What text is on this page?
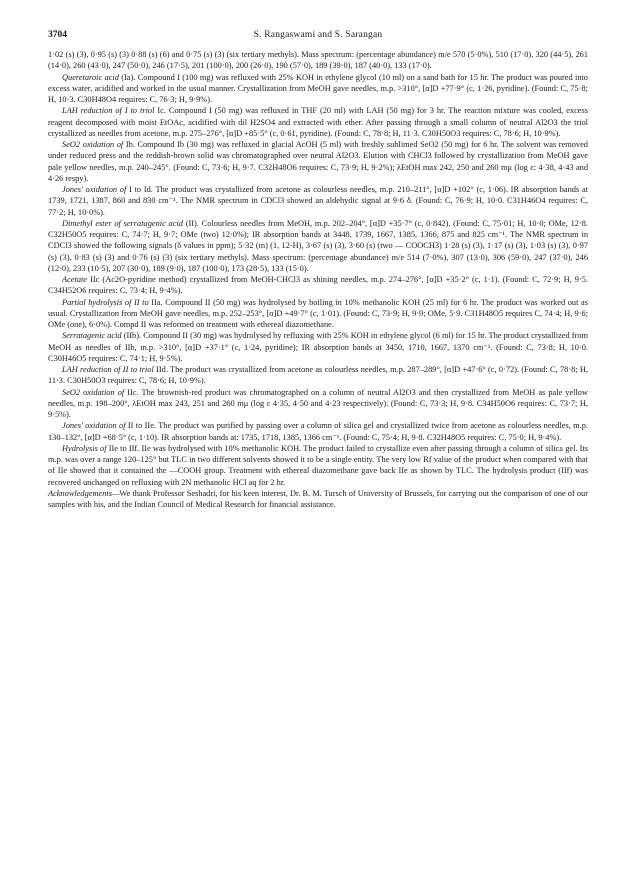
3704	S. Rangaswami and S. Sarangan

1·02 (s) (3), 0·95 (s) (3) 0·88 (s) (6) and 0·75 (s) (3) (six tertiary methyls). Mass spectrum: (percentage abundance) m/e 570 (5·0%), 510 (17·0), 320 (44·5), 261 (14·0), 260 (43·0), 247 (50·0), 246 (17·5), 201 (100·0), 200 (26·0), 190 (57·0), 189 (39·0), 187 (40·0), 133 (17·0).

Queretaroic acid (Ia). Compound I (100 mg) was refluxed with 25% KOH in ethylene glycol (10 ml) on a sand bath for 15 hr. The product was poured into excess water, acidified and worked in the usual manner. Crystallization from MeOH gave needles, m.p. >310°, [α]D +77·9° (c, 1·26, pyridine). (Found: C, 75·8; H, 10·3. C30H48O4 requires: C, 76·3; H, 9·9%).

LAH reduction of I to triol Ic. Compound I (50 mg) was refluxed in THF (20 ml) with LAH (50 mg) for 3 hr. The reaction mixture was cooled, excess reagent decomposed with moist EtOAc, acidified with dil H2SO4 and extracted with ether. After passing through a small column of neutral Al2O3 the triol crystallized as needles from acetone, m.p. 275–276°, [α]D +85·5° (c, 0·61, pyridine). (Found: C, 78·8; H, 11·3. C30H50O3 requires: C, 78·6; H, 10·9%).

SeO2 oxidation of Ib. Compound Ib (30 mg) was refluxed in glacial AcOH (5 ml) with freshly sublimed SeO2 (50 mg) for 6 hr. The solvent was removed under reduced press and the reddish-brown solid was chromatographed over neutral Al2O3. Elution with CHCl3 followed by crystallization from MeOH gave pale yellow needles, m.p. 240–245°. (Found: C, 73·6; H, 9·7. C32H48O6 requires: C, 73·9; H, 9·2%); λEtOH max 242, 250 and 260 mμ (log ε: 4·38, 4·43 and 4·26 respy).

Jones' oxidation of I to Id. The product was crystallized from acetone as colourless needles, m.p. 210–211°, [α]D +102° (c, 1·06). IR absorption bands at 1739, 1721, 1387, 860 and 830 cm⁻¹. The NMR spectrum in CDCl3 showed an aldehydic signal at 9·6 δ. (Found: C, 76·9; H, 10·0. C31H46O4 requires: C, 77·2; H, 10·0%).

Dimethyl ester of serratagenic acid (II). Colourless needles from MeOH, m.p. 202–204°, [α]D +35·7° (c, 0·842). (Found: C, 75·01; H, 10·0; OMe, 12·8. C32H50O5 requires: C, 74·7; H, 9·7; OMe (two) 12·0%); IR absorption bands at 3448, 1739, 1667, 1385, 1366, 875 and 825 cm⁻¹. The NMR spectrum in CDCl3 showed the following signals (δ values in ppm); 5·32 (m) (1, 12-H), 3·67 (s) (3), 3·60 (s) (two — COOCH3) 1·28 (s) (3), 1·17 (s) (3), 1·03 (s) (3), 0·97 (s) (3), 0·83 (s) (3) and 0·76 (s) (3) (six tertiary methyls). Mass spectrum: (percentage abundance) m/e 514 (7·0%), 307 (13·0), 306 (59·0), 247 (37·0), 246 (12·0), 233 (10·5), 207 (30·0), 189 (9·0), 187 (100·0), 173 (28·5), 133 (15·0).

Acetate IIc (Ac2O-pyridine method) crystallized from MeOH-CHCl3 as shining needles, m.p. 274–276°, [α]D +35·2° (c, 1·1). (Found: C, 72·9; H, 9·5. C34H52O6 requires: C, 73·4; H, 9·4%).

Partial hydrolysis of II to IIa. Compound II (50 mg) was hydrolysed by boiling in 10% methanolic KOH (25 ml) for 6 hr. The product was worked out as usual. Crystallization from MeOH gave needles, m.p. 252–253°, [α]D +49·7° (c, 1·01). (Found: C, 73·9; H, 9·9; OMe, 5·9. C31H48O5 requires C, 74·4; H, 9·6; OMe (one), 6·0%). Compd II was reformed on treatment with ethereal diazomethane.

Serratagenic acid (IIb). Compound II (30 mg) was hydrolysed by refluxing with 25% KOH in ethylene glycol (6 ml) for 15 hr. The product crystallized from MeOH as needles of IIb, m.p. >310°, [α]D +37·1° (c, 1·24, pyridine); IR absorption bands at 3450, 1710, 1667, 1370 cm⁻¹. (Found: C, 73·8; H, 10·0. C30H46O5 requires: C, 74·1; H, 9·5%).

LAH reduction of II to triol IId. The product was crystallized from acetone as colourless needles, m.p. 287–289°, [α]D +47·6° (c, 0·72). (Found: C, 78·8; H, 11·3. C30H50O3 requires: C, 78·6; H, 10·9%).

SeO2 oxidation of IIc. The brownish-red product was chromatographed on a column of neutral Al2O3 and then crystallized from MeOH as pale yellow needles, m.p. 198–200°, λEtOH max 243, 251 and 260 mμ (log ε 4·35, 4·50 and 4·23 respectively). (Found: C, 73·3; H, 9·8. C34H50O6 requires: C, 73·7; H, 9·5%).

Jones' oxidation of II to IIe. The product was purified by passing over a column of silica gel and crystallized twice from acetone as colourless needles, m.p. 130–132°, [α]D +68·5° (c, 1·10). IR absorption bands at: 1735, 1718, 1385, 1366 cm⁻¹. (Found: C, 75·4; H, 9·8. C32H48O5 requires: C, 75·0; H, 9·4%).

Hydrolysis of IIe to IIf. IIe was hydrolysed with 10% methanolic KOH. The product failed to crystallize even after passing through a column of silica gel. Its m.p. was over a range 120–125° but TLC in two different solvents showed it to be a single entity. The very low Rf value of the product when compared with that of IIe showed that it contained the —COOH group. Treatment with ethereal diazomethane gave back IIe as shown by TLC. The hydrolysis product (IIf) was recovered unchanged on refluxing with 2N methanolic HCl aq for 2 hr.

Acknowledgements—We thank Professor Seshadri, for his keen interest, Dr. B. M. Tursch of University of Brussels, for carrying out the comparison of one of our samples with his, and the Indian Council of Medical Research for financial assistance.
